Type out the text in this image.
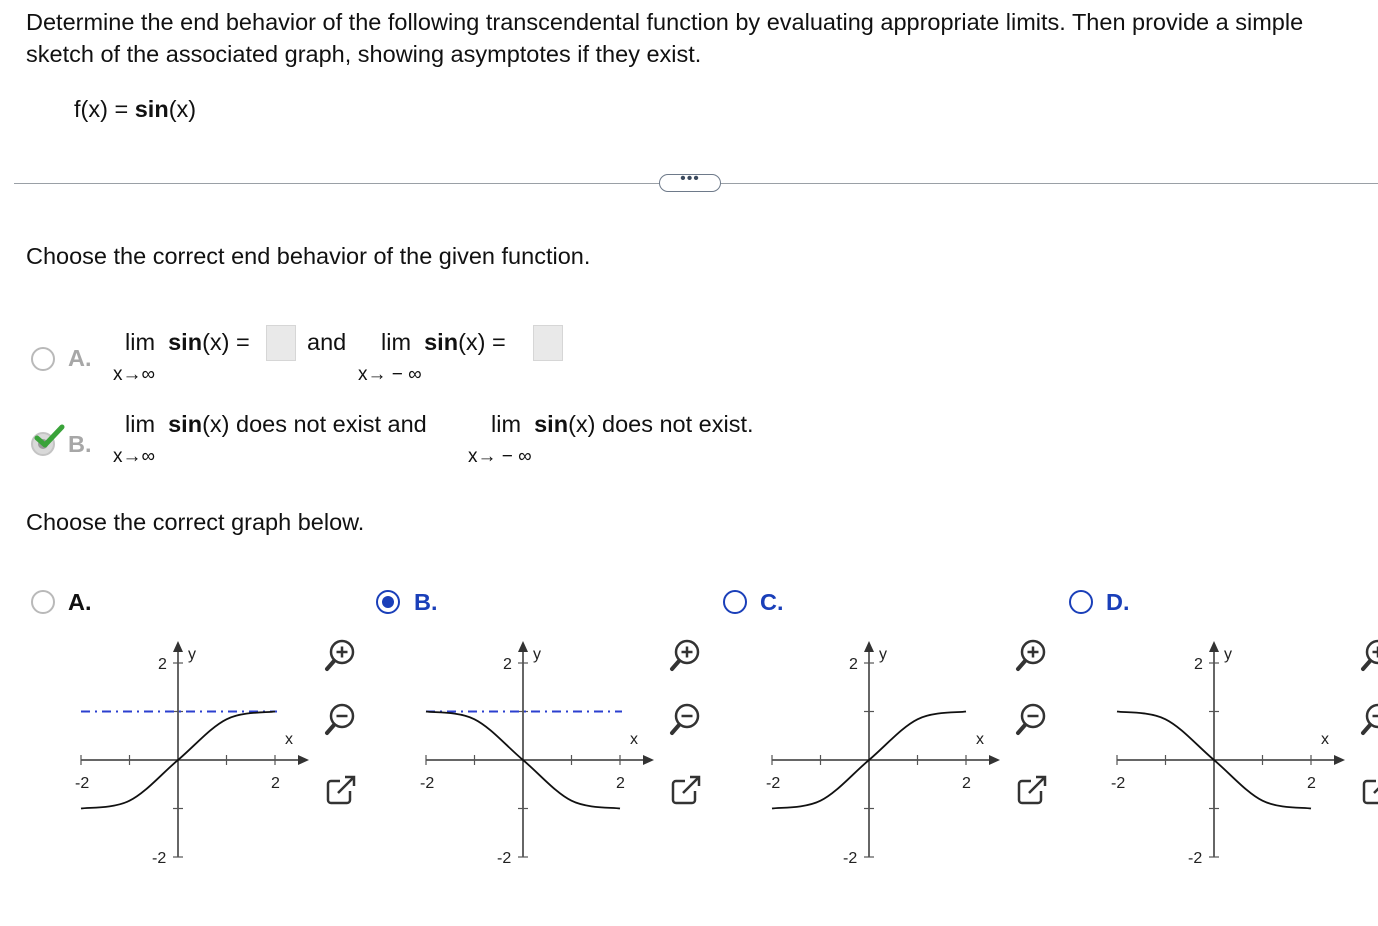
Determine the end behavior of the following transcendental function by evaluating appropriate limits. Then provide a simple sketch of the associated graph, showing asymptotes if they exist.
f(x) = sin(x)
•••
Choose the correct end behavior of the given function.
A.
lim sin(x) =
x→∞
and lim sin(x) =
x→ − ∞
B.
lim sin(x) does not exist and
x→∞
lim sin(x) does not exist.
x→ − ∞
Choose the correct graph below.
A.	B.	C.	D.
y
x
2
-2
-2	2
y
x
2
-2
-2	2
y
x
2
-2
-2	2
y
x
2
-2
-2	2
